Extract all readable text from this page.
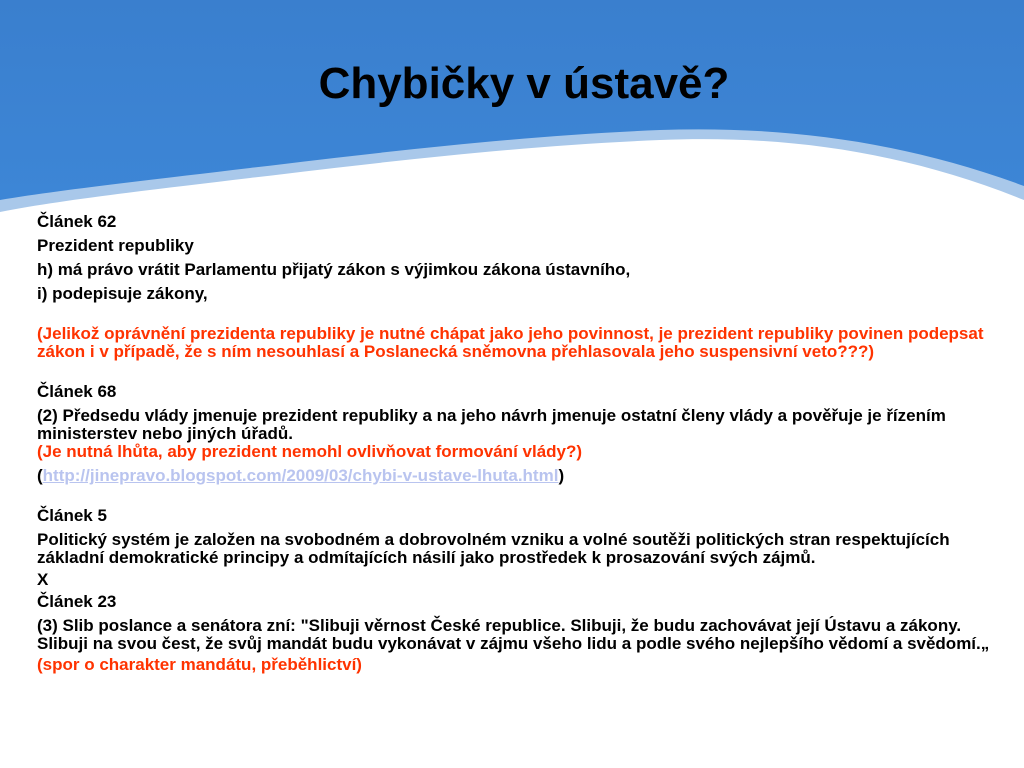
Chybičky v ústavě?
Článek 62
Prezident republiky
h) má právo vrátit Parlamentu přijatý zákon s výjimkou zákona ústavního,
i) podepisuje zákony,
(Jelikož oprávnění prezidenta republiky je nutné chápat jako jeho povinnost, je prezident republiky povinen podepsat zákon i v případě, že s ním nesouhlasí a Poslanecká sněmovna přehlasovala jeho suspensivní veto???)
Článek 68
(2) Předsedu vlády jmenuje prezident republiky a na jeho návrh jmenuje ostatní členy vlády a pověřuje je řízením ministerstev nebo jiných úřadů.
(Je nutná lhůta, aby prezident nemohl ovlivňovat formování vlády?)
(http://jinepravo.blogspot.com/2009/03/chybi-v-ustave-lhuta.html)
Článek 5
Politický systém je založen na svobodném a dobrovolném vzniku a volné soutěži politických stran respektujících základní demokratické principy a odmítajících násilí jako prostředek k prosazování svých zájmů.
X
Článek 23
(3) Slib poslance a senátora zní: "Slibuji věrnost České republice. Slibuji, že budu zachovávat její Ústavu a zákony. Slibuji na svou čest, že svůj mandát budu vykonávat v zájmu všeho lidu a podle svého nejlepšího vědomí a svědomí.„
(spor o charakter mandátu, přeběhlictví)
